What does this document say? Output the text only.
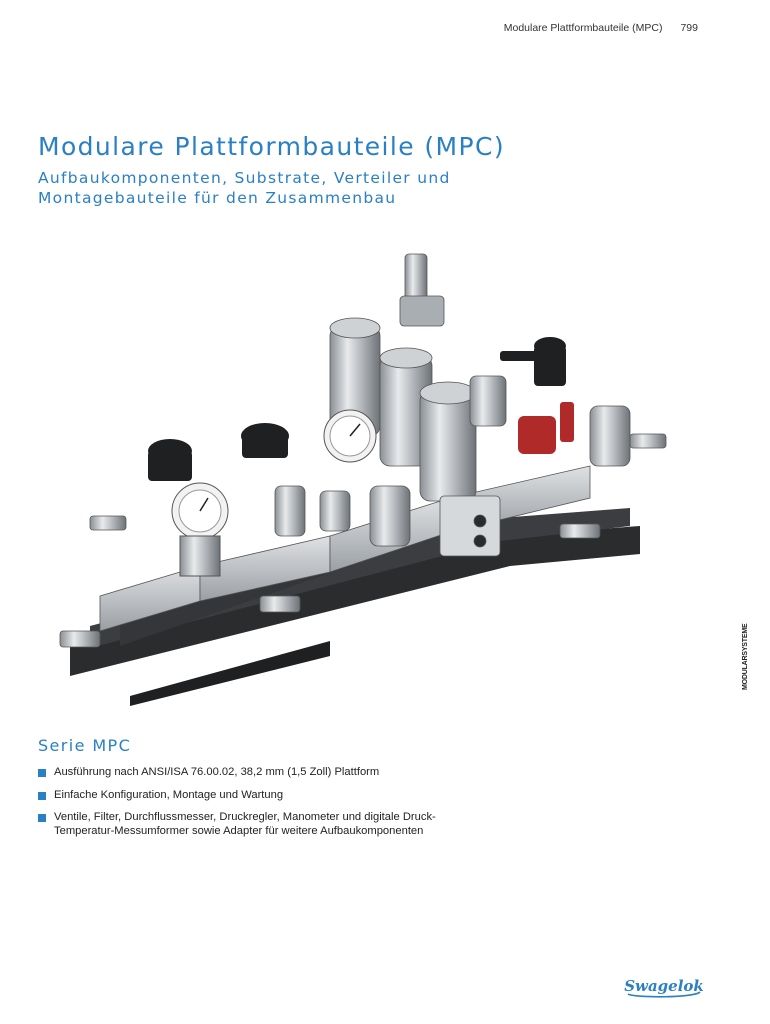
Modulare Plattformbauteile (MPC) 799
Modulare Plattformbauteile (MPC)
Aufbaukomponenten, Substrate, Verteiler und Montagebauteile für den Zusammenbau
MODULARSYSTEME
Serie MPC
Ausführung nach ANSI/ISA 76.00.02, 38,2 mm (1,5 Zoll) Plattform
Einfache Konfiguration, Montage und Wartung
Ventile, Filter, Durchflussmesser, Druckregler, Manometer und digitale Druck-Temperatur-Messumformer sowie Adapter für weitere Aufbaukomponenten
Swagelok
